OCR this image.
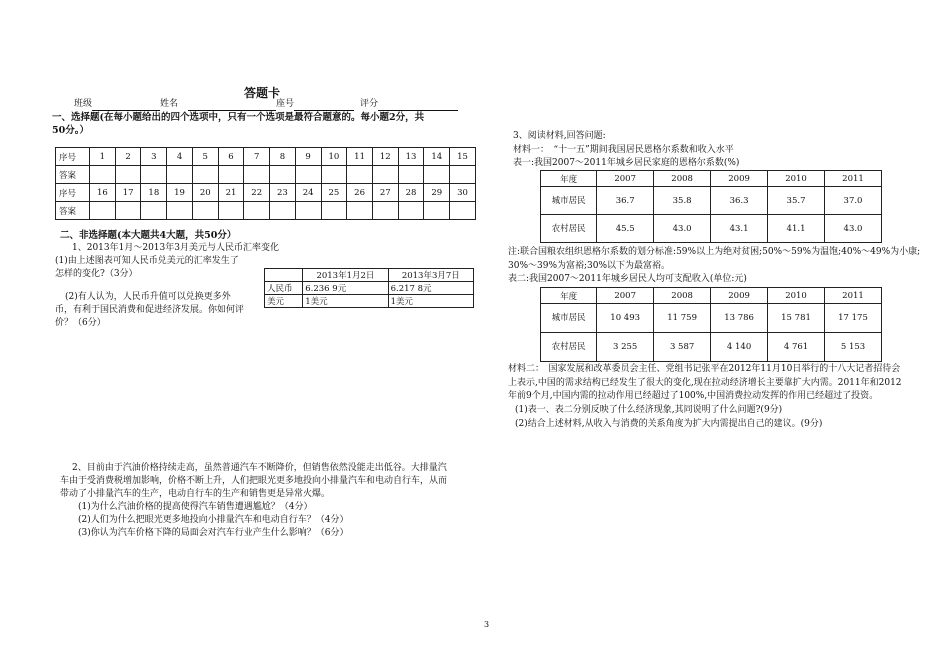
答题卡
班级	姓名	座号	评分
一、选择题(在每小题给出的四个选项中，只有一个选项是最符合题意的。每小题2分，共
50分。）
序号	1	2	3	4	5	6	7	8	9	10	11	12	13	14	15
答案															
序号	16	17	18	19	20	21	22	23	24	25	26	27	28	29	30
答案															
二、非选择题(本大题共4大题，共50分）
1、2013年1月～2013年3月美元与人民币汇率变化
(1)由上述图表可知人民币兑美元的汇率发生了
怎样的变化?（3分）
(2)有人认为，人民币升值可以兑换更多外
币，有利于国民消费和促进经济发展。你如何评
价？（6分）
	2013年1月2日	2013年3月7日
人民币	6.236 9元	6.217 8元
美元	1美元	1美元
2、目前由于汽油价格持续走高，虽然普通汽车不断降价，但销售依然没能走出低谷。大排量汽
车由于受消费税增加影响，价格不断上升，人们把眼光更多地投向小排量汽车和电动自行车，从而
带动了小排量汽车的生产，电动自行车的生产和销售更是异常火爆。
(1)为什么汽油价格的提高使得汽车销售遭遇尴尬？（4分）
(2)人们为什么把眼光更多地投向小排量汽车和电动自行车？（4分）
(3)你认为汽车价格下降的局面会对汽车行业产生什么影响？（6分）
3、阅读材料,回答问题:
材料一：　“十一五”期间我国居民恩格尔系数和收入水平
表一:我国2007～2011年城乡居民家庭的恩格尔系数(%)
年度	2007	2008	2009	2010	2011
城市居民	36.7	35.8	36.3	35.7	37.0
农村居民	45.5	43.0	43.1	41.1	43.0
注:联合国粮农组织恩格尔系数的划分标准:59%以上为绝对贫困;50%～59%为温饱;40%～49%为小康;
30%～39%为富裕;30%以下为最富裕。
表二:我国2007～2011年城乡居民人均可支配收入(单位:元)
年度	2007	2008	2009	2010	2011
城市居民	10 493	11 759	13 786	15 781	17 175
农村居民	3 255	3 587	4 140	4 761	5 153
材料二：　国家发展和改革委员会主任、党组书记张平在2012年11月10日举行的十八大记者招待会
上表示,中国的需求结构已经发生了很大的变化,现在拉动经济增长主要靠扩大内需。2011年和2012
年前9个月,中国内需的拉动作用已经超过了100%,中国消费拉动发挥的作用已经超过了投资。
(1)表一、表二分别反映了什么经济现象,其同说明了什么问题?(9分)
(2)结合上述材料,从收入与消费的关系角度为扩大内需提出自己的建议。(9分)
3
